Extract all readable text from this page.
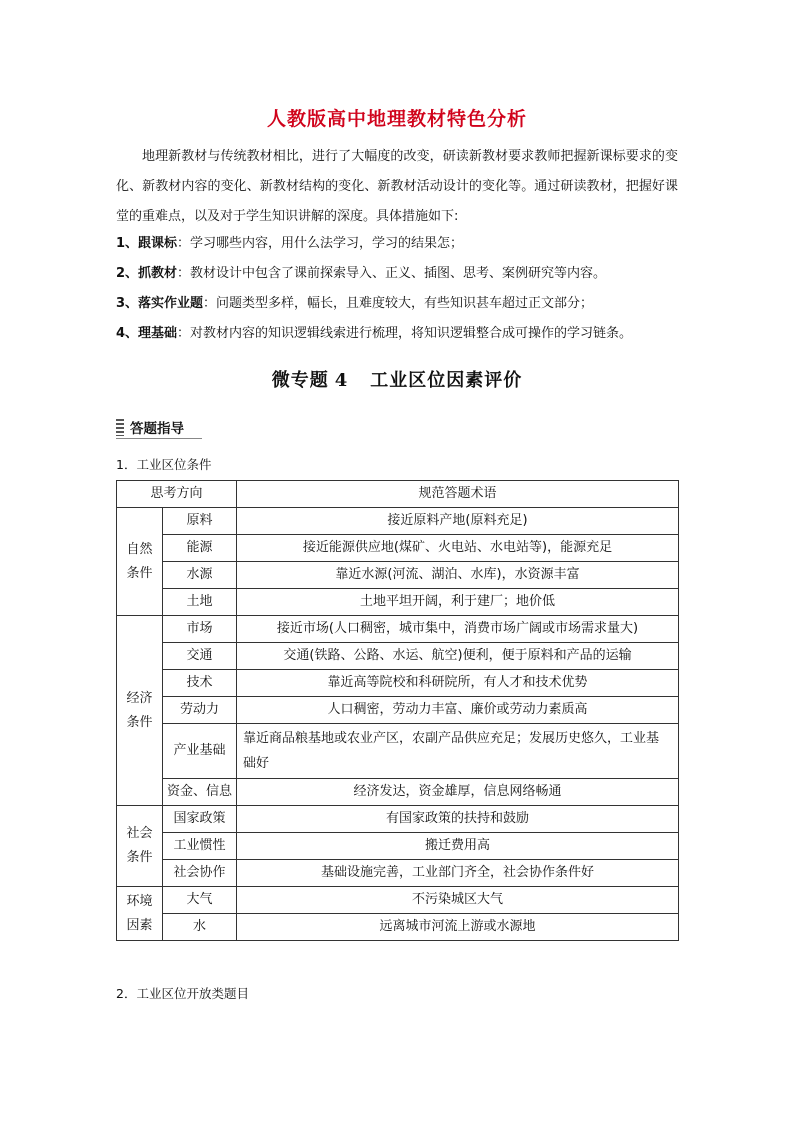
人教版高中地理教材特色分析

地理新教材与传统教材相比，进行了大幅度的改变，研读新教材要求教师把握新课标要求的变化、新教材内容的变化、新教材结构的变化、新教材活动设计的变化等。通过研读教材，把握好课堂的重难点，以及对于学生知识讲解的深度。具体措施如下:

1、跟课标：学习哪些内容，用什么法学习，学习的结果怎；
2、抓教材：教材设计中包含了课前探索导入、正义、插图、思考、案例研究等内容。
3、落实作业题：问题类型多样，幅长，且难度较大，有些知识甚车超过正文部分；
4、理基础：对教材内容的知识逻辑线索进行梳理，将知识逻辑整合成可操作的学习链条。
微专题 4 工业区位因素评价
答题指导

1．工业区位条件

思考方向		规范答题术语
自然条件	原料	接近原料产地(原料充足)
	能源	接近能源供应地(煤矿、火电站、水电站等)，能源充足
	水源	靠近水源(河流、湖泊、水库)，水资源丰富
	土地	土地平坦开阔，利于建厂；地价低
经济条件	市场	接近市场(人口稠密，城市集中，消费市场广阔或市场需求量大)
	交通	交通(铁路、公路、水运、航空)便利，便于原料和产品的运输
	技术	靠近高等院校和科研院所，有人才和技术优势
	劳动力	人口稠密，劳动力丰富、廉价或劳动力素质高
	产业基础	靠近商品粮基地或农业产区，农副产品供应充足；发展历史悠久，工业基础好
	资金、信息	经济发达，资金雄厚，信息网络畅通
社会条件	国家政策	有国家政策的扶持和鼓励
	工业惯性	搬迁费用高
	社会协作	基础设施完善，工业部门齐全，社会协作条件好
环境因素	大气	不污染城区大气
	水	远离城市河流上游或水源地

2．工业区位开放类题目
